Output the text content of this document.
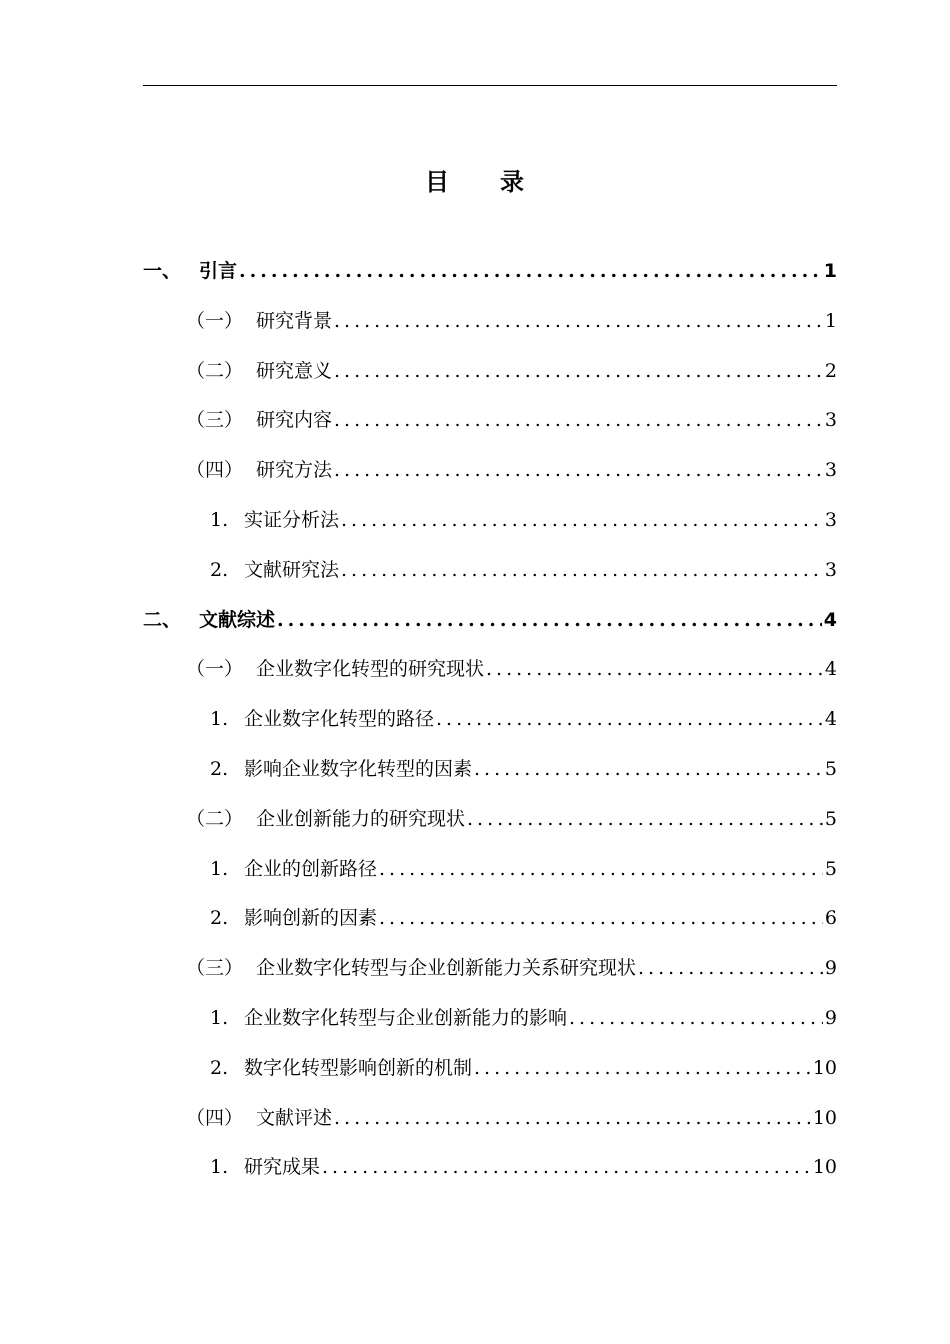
目 录
一、 引言 .....	1
（一） 研究背景 .....	1
（二） 研究意义 .....	2
（三） 研究内容 .....	3
（四） 研究方法 .....	3
1. 实证分析法 .....	3
2. 文献研究法 .....	3
二、 文献综述 .....	4
（一） 企业数字化转型的研究现状 .....	4
1. 企业数字化转型的路径 .....	4
2. 影响企业数字化转型的因素 .....	5
（二） 企业创新能力的研究现状 .....	5
1. 企业的创新路径 .....	5
2. 影响创新的因素 .....	6
（三） 企业数字化转型与企业创新能力关系研究现状 .....	9
1. 企业数字化转型与企业创新能力的影响 .....	9
2. 数字化转型影响创新的机制 .....	10
（四） 文献评述 .....	10
1. 研究成果 .....	10
